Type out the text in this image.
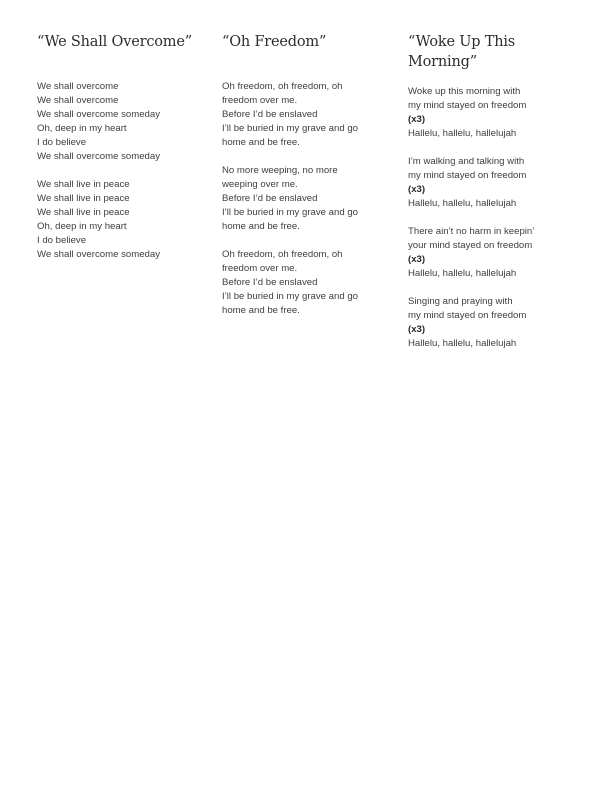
“We Shall Overcome”
We shall overcome
We shall overcome
We shall overcome someday
Oh, deep in my heart
I do believe
We shall overcome someday
We shall live in peace
We shall live in peace
We shall live in peace
Oh, deep in my heart
I do believe
We shall overcome someday
“Oh Freedom”
Oh freedom, oh freedom, oh
freedom over me.
Before I’d be enslaved
I’ll be buried in my grave and go
home and be free.
No more weeping, no more
weeping over me.
Before I’d be enslaved
I’ll be buried in my grave and go
home and be free.
Oh freedom, oh freedom, oh
freedom over me.
Before I’d be enslaved
I’ll be buried in my grave and go
home and be free.
“Woke Up This
Morning”
Woke up this morning with
my mind stayed on freedom
(x3)
Hallelu, hallelu, hallelujah
I’m walking and talking with
my mind stayed on freedom
(x3)
Hallelu, hallelu, hallelujah
There ain’t no harm in keepin’
your mind stayed on freedom
(x3)
Hallelu, hallelu, hallelujah
Singing and praying with
my mind stayed on freedom
(x3)
Hallelu, hallelu, hallelujah
